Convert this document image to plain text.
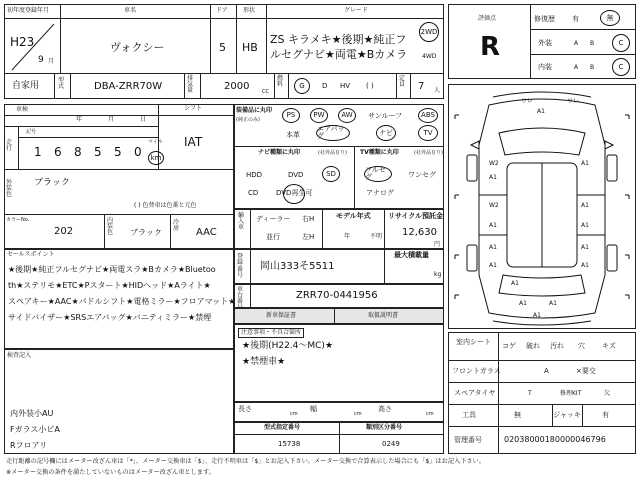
初年度登録年月	車名	ドア	形状	グレード
H23
9 月
ヴォクシー	5 HB
ZS キラメキ★後期★純正フ
ルセグナビ★両電★Bカメラ
2WD
4WD
自家用
型式	DBA-ZRR70W
排気量	2000	CC
燃料	G D HV ( )
定員 7 人
車検
年	月	日
シフト
IAT
走行
記号
1 6 8 5 5 0
マイル
km
外装色
ブラック
( ) 色替車は色番と元色
カラーNo.
202
内装色	ブラック
冷房	AAC
セールスポイント
★後期★純正フルセグナビ★両電スラ★Bカメラ★Bluetoo
th★ステリモ★ETC★Pスタート★HIDヘッド★Aライト★
スペアキー★AAC★パドルシフト★電格ミラー★フロアマット★
サイドバイザー★SRSエアバッグ★バニティミラー★禁煙
検査記入
内外装小AU
Fガラス小ビA
Rフロアリ
装備品に丸印
(純正のみ)
PS	PW AW サンルーフ	ABS
本革
エアバッグ	ナビ	TV
ナビ種類に丸印	(社外品有り) TV種類に丸印	(社外品有り)
HDD	DVD	SD
CD	DVD再生可
フルセグ	ワンセグ
アナログ
輸入車
ディーラー
並行
右H
左H
モデル年式
年	不明
リサイクル預託金
12,630
円
登録番号
岡山333そ5511
最大積載量
kg
車台番
ZRR70-0441956
新車保証書	取扱説明書
注意事項・不具合箇所
★後期(H22.4〜MC)★
★禁煙車★
長さ
cm
幅
cm
高さ
cm
型式指定番号
15738
類別区分番号
0249
評価点
R
修復歴 有	無
外装	A B	C
内装	A B	C
ワレ	ワレ
A1
W2
A1
A1
A1
A1
W2
A1
A1	A1
A1	A1
A1	A1
A1
A1
室内シート コゲ 破れ 汚れ 穴 キズ
フロントガラス	A	×要交
スペアタイヤ	T	修理KIT	欠
工具	無	ジャッキ	有
管理番号	02038000180000046796
走行距離の記号欄にはメーター改ざん車は「*」、メーター交換車は「$」、走行不明車は「$」とお記入下さい。メーター交換で合算表示した場合にも「$」はお記入下さい。
※メーター交換の条件を満たしていないものはメーター改ざん車とします。
